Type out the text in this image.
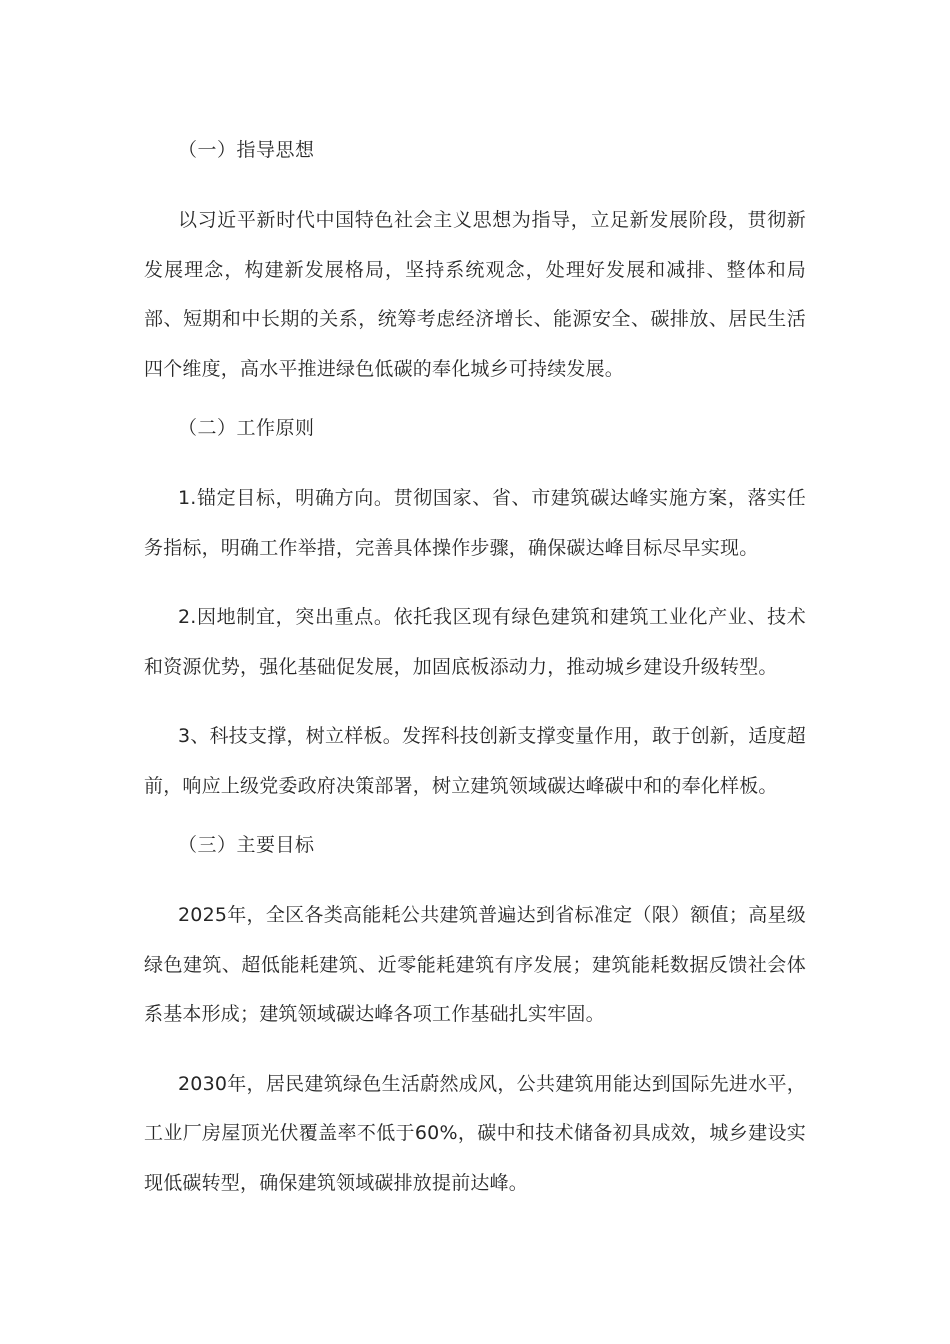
（一）指导思想

以习近平新时代中国特色社会主义思想为指导，立足新发展阶段，贯彻新发展理念，构建新发展格局，坚持系统观念，处理好发展和减排、整体和局部、短期和中长期的关系，统筹考虑经济增长、能源安全、碳排放、居民生活四个维度，高水平推进绿色低碳的奉化城乡可持续发展。

（二）工作原则

1.锚定目标，明确方向。贯彻国家、省、市建筑碳达峰实施方案，落实任务指标，明确工作举措，完善具体操作步骤，确保碳达峰目标尽早实现。

2.因地制宜，突出重点。依托我区现有绿色建筑和建筑工业化产业、技术和资源优势，强化基础促发展，加固底板添动力，推动城乡建设升级转型。

3、科技支撑，树立样板。发挥科技创新支撑变量作用，敢于创新，适度超前，响应上级党委政府决策部署，树立建筑领域碳达峰碳中和的奉化样板。

（三）主要目标

2025年，全区各类高能耗公共建筑普遍达到省标准定（限）额值；高星级绿色建筑、超低能耗建筑、近零能耗建筑有序发展；建筑能耗数据反馈社会体系基本形成；建筑领域碳达峰各项工作基础扎实牢固。

2030年，居民建筑绿色生活蔚然成风，公共建筑用能达到国际先进水平，工业厂房屋顶光伏覆盖率不低于60%，碳中和技术储备初具成效，城乡建设实现低碳转型，确保建筑领域碳排放提前达峰。
